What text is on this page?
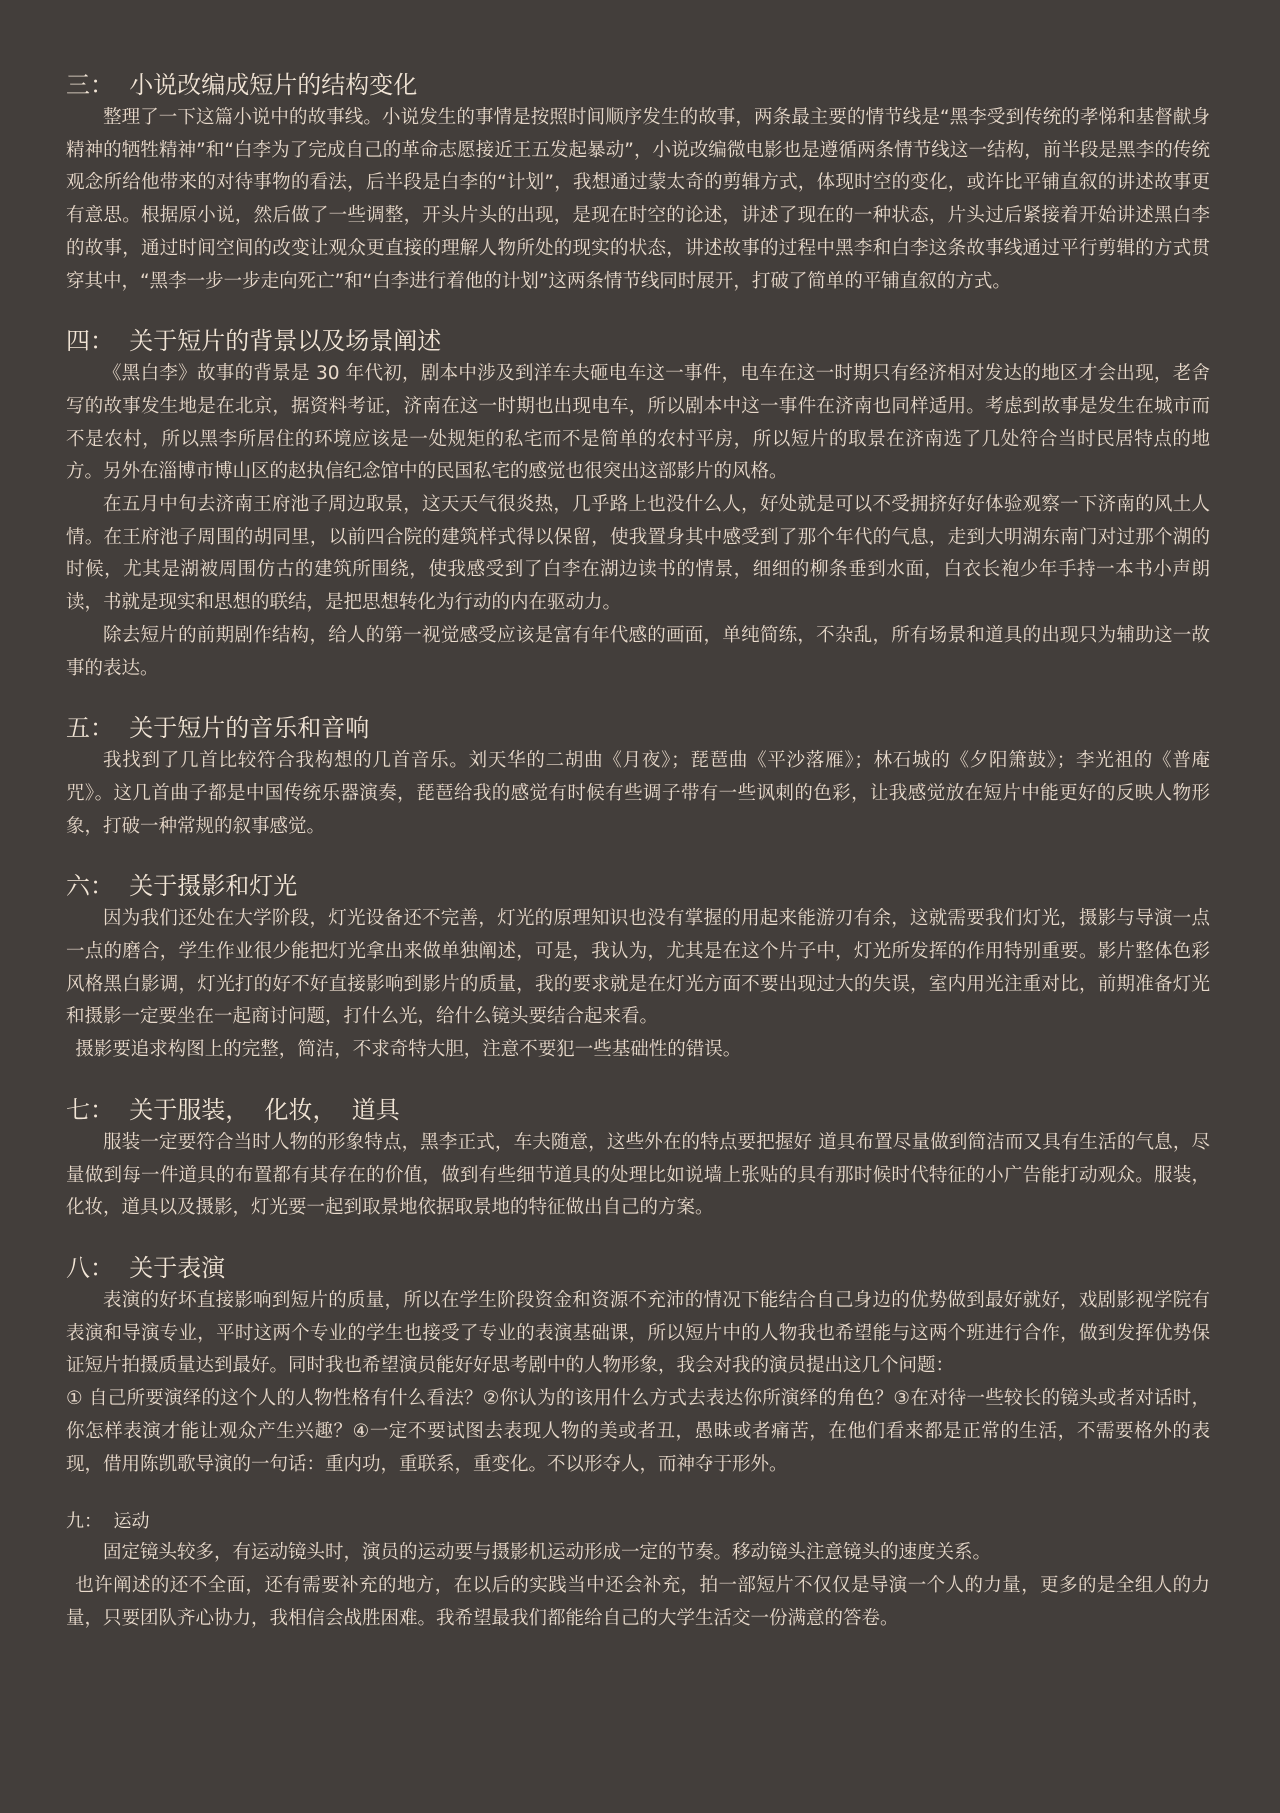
三：  小说改编成短片的结构变化

整理了一下这篇小说中的故事线。小说发生的事情是按照时间顺序发生的故事，两条最主要的情节线是“黑李受到传统的孝悌和基督献身精神的牺牲精神”和“白李为了完成自己的革命志愿接近王五发起暴动”，小说改编微电影也是遵循两条情节线这一结构，前半段是黑李的传统观念所给他带来的对待事物的看法，后半段是白李的“计划”，我想通过蒙太奇的剪辑方式，体现时空的变化，或许比平铺直叙的讲述故事更有意思。根据原小说，然后做了一些调整，开头片头的出现，是现在时空的论述，讲述了现在的一种状态，片头过后紧接着开始讲述黑白李的故事，通过时间空间的改变让观众更直接的理解人物所处的现实的状态，讲述故事的过程中黑李和白李这条故事线通过平行剪辑的方式贯穿其中，“黑李一步一步走向死亡”和“白李进行着他的计划”这两条情节线同时展开，打破了简单的平铺直叙的方式。

四：  关于短片的背景以及场景阐述

《黑白李》故事的背景是 30 年代初，剧本中涉及到洋车夫砸电车这一事件，电车在这一时期只有经济相对发达的地区才会出现，老舍写的故事发生地是在北京，据资料考证，济南在这一时期也出现电车，所以剧本中这一事件在济南也同样适用。考虑到故事是发生在城市而不是农村，所以黑李所居住的环境应该是一处规矩的私宅而不是简单的农村平房，所以短片的取景在济南选了几处符合当时民居特点的地方。另外在淄博市博山区的赵执信纪念馆中的民国私宅的感觉也很突出这部影片的风格。

在五月中旬去济南王府池子周边取景，这天天气很炎热，几乎路上也没什么人，好处就是可以不受拥挤好好体验观察一下济南的风土人情。在王府池子周围的胡同里，以前四合院的建筑样式得以保留，使我置身其中感受到了那个年代的气息，走到大明湖东南门对过那个湖的时候，尤其是湖被周围仿古的建筑所围绕，使我感受到了白李在湖边读书的情景，细细的柳条垂到水面，白衣长袍少年手持一本书小声朗读，书就是现实和思想的联结，是把思想转化为行动的内在驱动力。

除去短片的前期剧作结构，给人的第一视觉感受应该是富有年代感的画面，单纯简练，不杂乱，所有场景和道具的出现只为辅助这一故事的表达。

五：  关于短片的音乐和音响

我找到了几首比较符合我构想的几首音乐。刘天华的二胡曲《月夜》；琵琶曲《平沙落雁》；林石城的《夕阳箫鼓》；李光祖的《普庵咒》。这几首曲子都是中国传统乐器演奏，琵琶给我的感觉有时候有些调子带有一些讽刺的色彩，让我感觉放在短片中能更好的反映人物形象，打破一种常规的叙事感觉。

六：  关于摄影和灯光

因为我们还处在大学阶段，灯光设备还不完善，灯光的原理知识也没有掌握的用起来能游刃有余，这就需要我们灯光，摄影与导演一点一点的磨合，学生作业很少能把灯光拿出来做单独阐述，可是，我认为，尤其是在这个片子中，灯光所发挥的作用特别重要。影片整体色彩风格黑白影调，灯光打的好不好直接影响到影片的质量，我的要求就是在灯光方面不要出现过大的失误，室内用光注重对比，前期准备灯光和摄影一定要坐在一起商讨问题，打什么光，给什么镜头要结合起来看。

摄影要追求构图上的完整，简洁，不求奇特大胆，注意不要犯一些基础性的错误。

七：  关于服装，  化妆，  道具

服装一定要符合当时人物的形象特点，黑李正式，车夫随意，这些外在的特点要把握好 道具布置尽量做到简洁而又具有生活的气息，尽量做到每一件道具的布置都有其存在的价值，做到有些细节道具的处理比如说墙上张贴的具有那时候时代特征的小广告能打动观众。服装，化妆，道具以及摄影，灯光要一起到取景地依据取景地的特征做出自己的方案。

八：  关于表演

表演的好坏直接影响到短片的质量，所以在学生阶段资金和资源不充沛的情况下能结合自己身边的优势做到最好就好，戏剧影视学院有表演和导演专业，平时这两个专业的学生也接受了专业的表演基础课，所以短片中的人物我也希望能与这两个班进行合作，做到发挥优势保证短片拍摄质量达到最好。同时我也希望演员能好好思考剧中的人物形象，我会对我的演员提出这几个问题：

① 自己所要演绎的这个人的人物性格有什么看法？②你认为的该用什么方式去表达你所演绎的角色？③在对待一些较长的镜头或者对话时，你怎样表演才能让观众产生兴趣？④一定不要试图去表现人物的美或者丑，愚昧或者痛苦，在他们看来都是正常的生活，不需要格外的表现，借用陈凯歌导演的一句话：重内功，重联系，重变化。不以形夺人，而神夺于形外。

九：  运动

固定镜头较多，有运动镜头时，演员的运动要与摄影机运动形成一定的节奏。移动镜头注意镜头的速度关系。

也许阐述的还不全面，还有需要补充的地方，在以后的实践当中还会补充，拍一部短片不仅仅是导演一个人的力量，更多的是全组人的力量，只要团队齐心协力，我相信会战胜困难。我希望最我们都能给自己的大学生活交一份满意的答卷。
